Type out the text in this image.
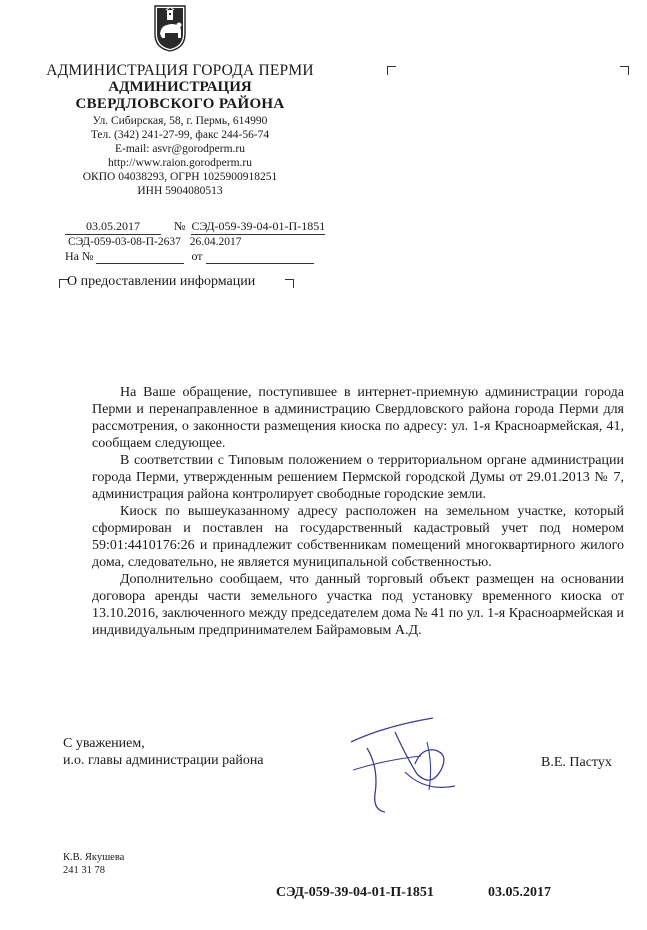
АДМИНИСТРАЦИЯ ГОРОДА ПЕРМИ
АДМИНИСТРАЦИЯ
СВЕРДЛОВСКОГО РАЙОНА
Ул. Сибирская, 58, г. Пермь, 614990
Тел. (342) 241-27-99, факс 244-56-74
E-mail: asvr@gorodperm.ru
http://www.raion.gorodperm.ru
ОКПО 04038293, ОГРН 1025900918251
ИНН 5904080513
03.05.2017	№ СЭД-059-39-04-01-П-1851
СЭД-059-03-08-П-2637 26.04.2017
На №	от
О предоставлении информации

На Ваше обращение, поступившее в интернет-приемную администрации города Перми и перенаправленное в администрацию Свердловского района города Перми для рассмотрения, о законности размещения киоска по адресу: ул. 1-я Красноармейская, 41, сообщаем следующее.

В соответствии с Типовым положением о территориальном органе администрации города Перми, утвержденным решением Пермской городской Думы от 29.01.2013 № 7, администрация района контролирует свободные городские земли.

Киоск по вышеуказанному адресу расположен на земельном участке, который сформирован и поставлен на государственный кадастровый учет под номером 59:01:4410176:26 и принадлежит собственникам помещений многоквартирного жилого дома, следовательно, не является муниципальной собственностью.

Дополнительно сообщаем, что данный торговый объект размещен на основании договора аренды части земельного участка под установку временного киоска от 13.10.2016, заключенного между председателем дома № 41 по ул. 1-я Красноармейская и индивидуальным предпринимателем Байрамовым А.Д.

С уважением,
и.о. главы администрации района	В.Е. Пастух
К.В. Якушева
241 31 78
СЭД-059-39-04-01-П-1851	03.05.2017
